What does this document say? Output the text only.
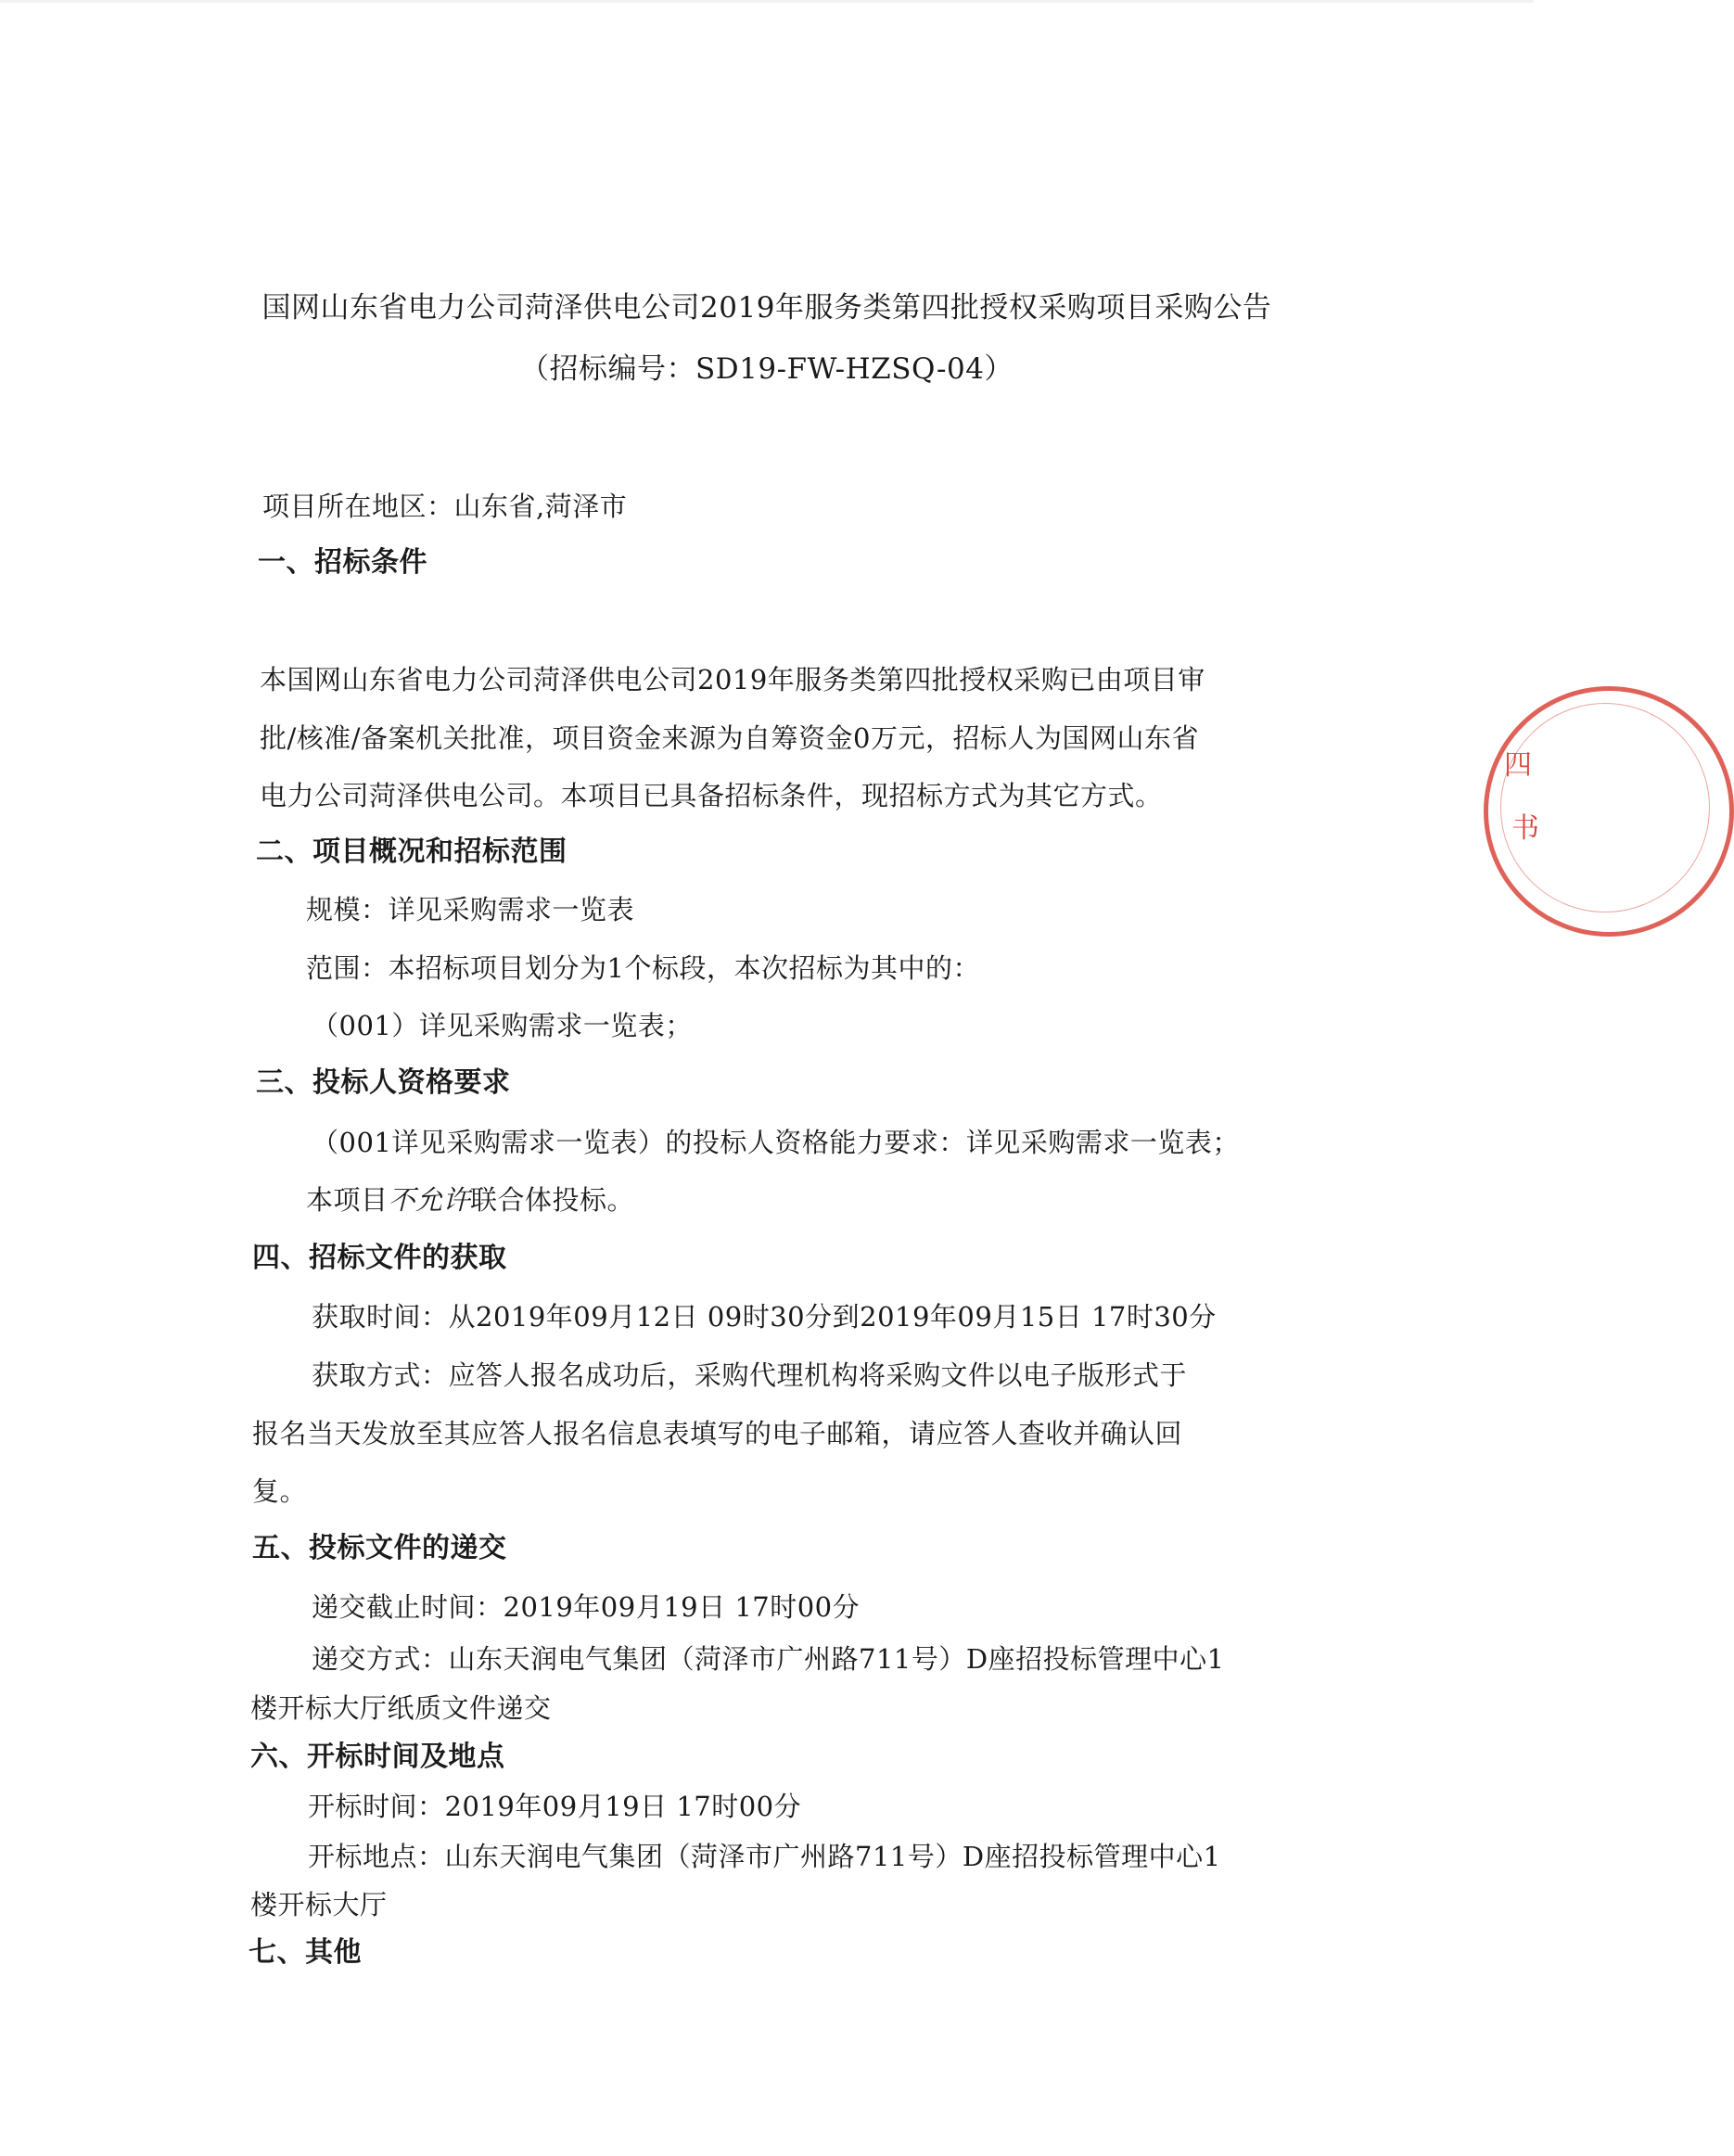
国网山东省电力公司菏泽供电公司2019年服务类第四批授权采购项目采购公告
（招标编号：SD19-FW-HZSQ-04）
项目所在地区：山东省,菏泽市
一、招标条件
本国网山东省电力公司菏泽供电公司2019年服务类第四批授权采购已由项目审
批/核准/备案机关批准，项目资金来源为自筹资金0万元，招标人为国网山东省
电力公司菏泽供电公司。本项目已具备招标条件，现招标方式为其它方式。
二、项目概况和招标范围
规模：详见采购需求一览表
范围：本招标项目划分为1个标段，本次招标为其中的：
（001）详见采购需求一览表；
三、投标人资格要求
（001详见采购需求一览表）的投标人资格能力要求：详见采购需求一览表；
本项目不允许联合体投标。
四、招标文件的获取
获取时间：从2019年09月12日 09时30分到2019年09月15日 17时30分
获取方式：应答人报名成功后，采购代理机构将采购文件以电子版形式于
报名当天发放至其应答人报名信息表填写的电子邮箱，请应答人查收并确认回
复。
五、投标文件的递交
递交截止时间：2019年09月19日 17时00分
递交方式：山东天润电气集团（菏泽市广州路711号）D座招投标管理中心1
楼开标大厅纸质文件递交
六、开标时间及地点
开标时间：2019年09月19日 17时00分
开标地点：山东天润电气集团（菏泽市广州路711号）D座招投标管理中心1
楼开标大厅
七、其他
四
书
